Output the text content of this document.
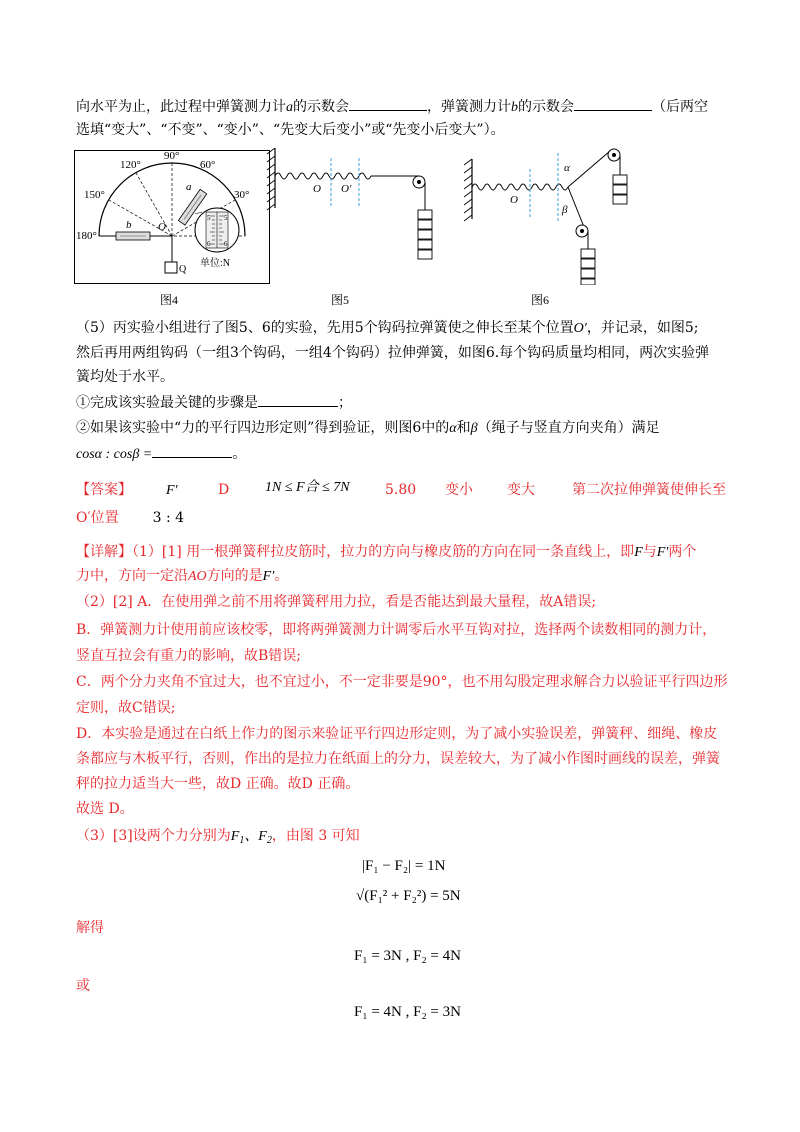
向水平为止，此过程中弹簧测力计a的示数会	，弹簧测力计b的示数会	（后两空
选填“变大”、“不变”、“变小”、“先变大后变小”或“先变小后变大”）。
90°
120°	60°
150°	30°
180°
a
b O
Q
单位:N
5
6
5
6
图4
O O'
图5
O
α
β
图6
（5）丙实验小组进行了图5、6的实验，先用5个钩码拉弹簧使之伸长至某个位置O′，并记录，如图5;
然后再用两组钩码（一组3个钩码，一组4个钩码）拉伸弹簧，如图6.每个钩码质量均相同，两次实验弹
簧均处于水平。
①完成该实验最关键的步骤是	；
②如果该实验中“力的平行四边形定则”得到验证，则图6中的α和β（绳子与竖直方向夹角）满足
cosα : cosβ =	。
【答案】 F′	D	1N ≤ F合 ≤ 7N	5.80 变小 变大	第二次拉伸弹簧使伸长至
O′位置 3 : 4
【详解】（1）[1] 用一根弹簧秤拉皮筋时，拉力的方向与橡皮筋的方向在同一条直线上，即F与F′两个
力中，方向一定沿AO方向的是F′。
（2）[2] A．在使用弹之前不用将弹簧秤用力拉，看是否能达到最大量程，故A错误;
B．弹簧测力计使用前应该校零，即将两弹簧测力计调零后水平互钩对拉，选择两个读数相同的测力计，
竖直互拉会有重力的影响，故B错误;
C．两个分力夹角不宜过大，也不宜过小，不一定非要是90°，也不用勾股定理求解合力以验证平行四边形
定则，故C错误;
D．本实验是通过在白纸上作力的图示来验证平行四边形定则，为了减小实验误差，弹簧秤、细绳、橡皮
条都应与木板平行，否则，作出的是拉力在纸面上的分力，误差较大，为了减小作图时画线的误差，弹簧
秤的拉力适当大一些，故D 正确。故D 正确。
故选 D。
（3）[3]设两个力分别为$F_1$、$F_2$，由图 3 可知
|F₁ − F₂| = 1N
√(F₁² + F₂²) = 5N
解得
F₁ = 3N , F₂ = 4N
或
F₁ = 4N , F₂ = 3N
